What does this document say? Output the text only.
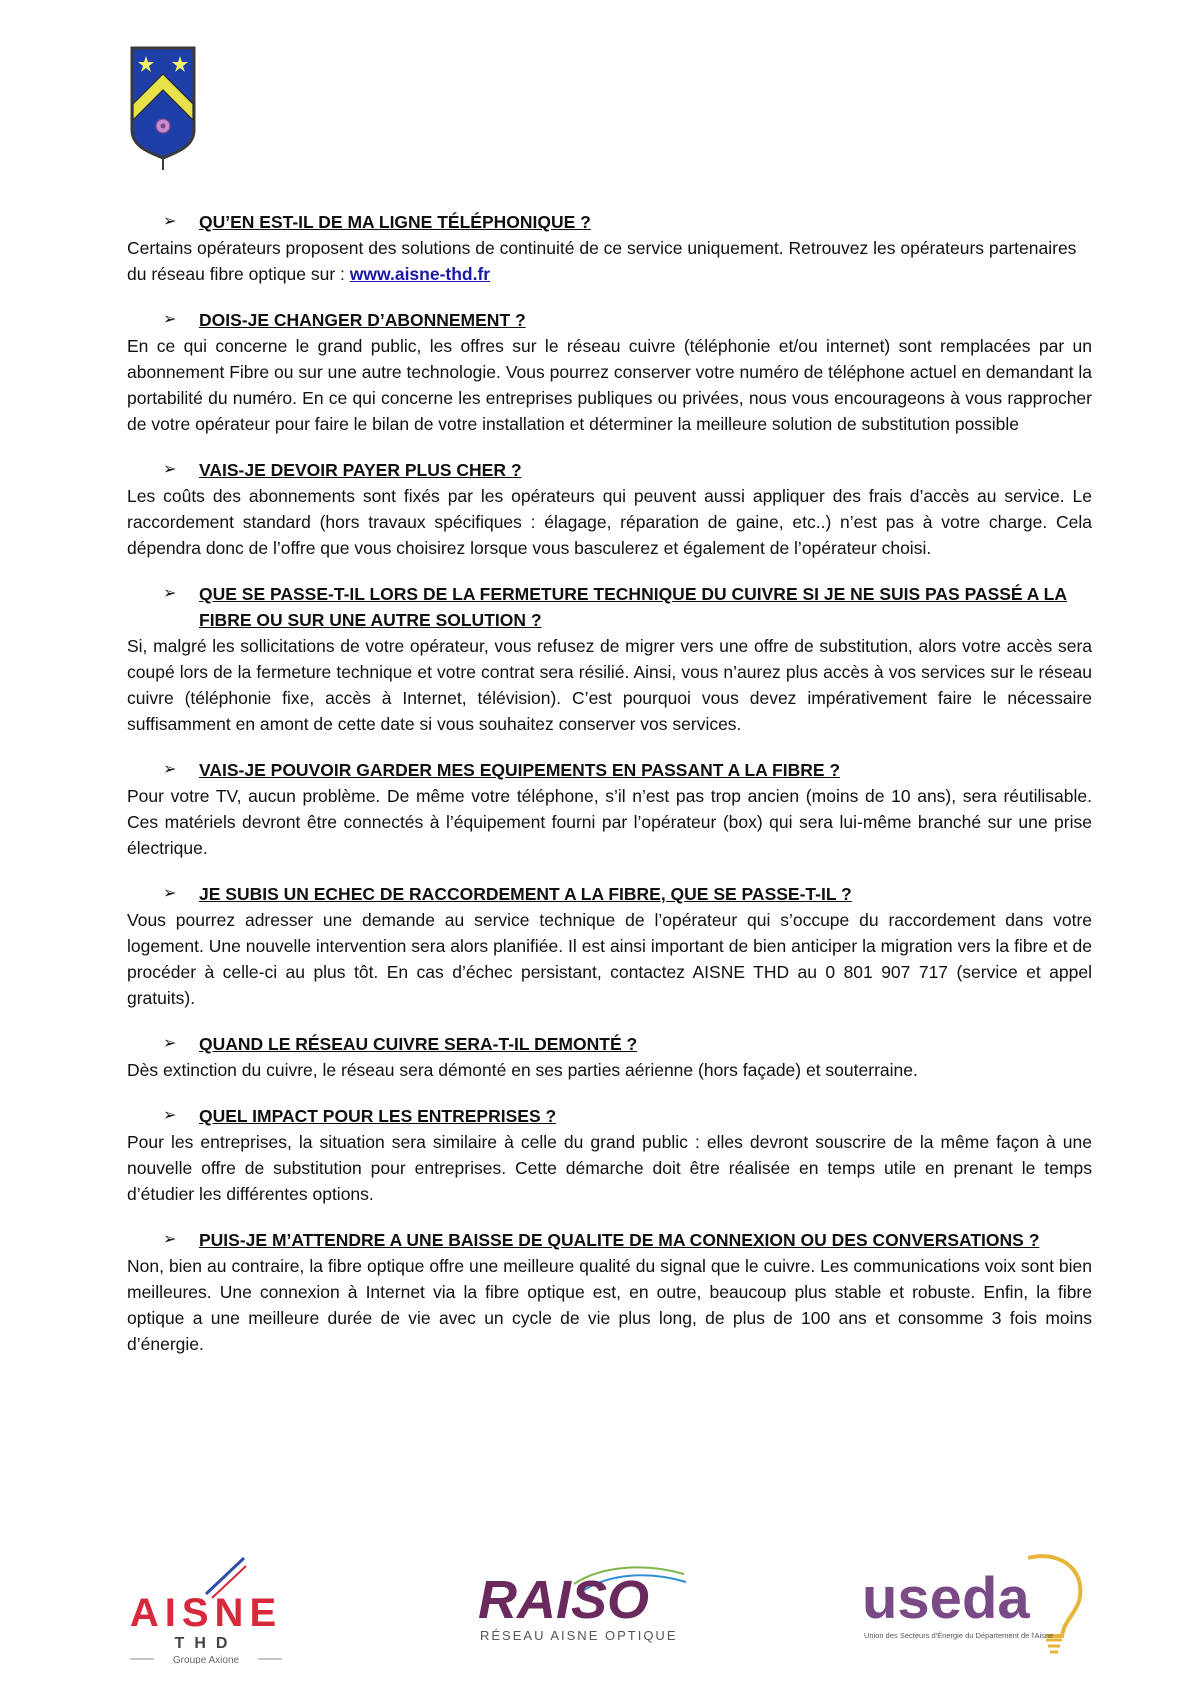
➢	QU’EN EST-IL DE MA LIGNE TÉLÉPHONIQUE ?

Certains opérateurs proposent des solutions de continuité de ce service uniquement. Retrouvez les opérateurs partenaires du réseau fibre optique sur : www.aisne-thd.fr

➢	DOIS-JE CHANGER D’ABONNEMENT ?

En ce qui concerne le grand public, les offres sur le réseau cuivre (téléphonie et/ou internet) sont remplacées par un abonnement Fibre ou sur une autre technologie. Vous pourrez conserver votre numéro de téléphone actuel en demandant la portabilité du numéro. En ce qui concerne les entreprises publiques ou privées, nous vous encourageons à vous rapprocher de votre opérateur pour faire le bilan de votre installation et déterminer la meilleure solution de substitution possible

➢	VAIS-JE DEVOIR PAYER PLUS CHER ?

Les coûts des abonnements sont fixés par les opérateurs qui peuvent aussi appliquer des frais d’accès au service. Le raccordement standard (hors travaux spécifiques : élagage, réparation de gaine, etc..) n’est pas à votre charge. Cela dépendra donc de l’offre que vous choisirez lorsque vous basculerez et également de l’opérateur choisi.

➢	QUE SE PASSE-T-IL LORS DE LA FERMETURE TECHNIQUE DU CUIVRE SI JE NE SUIS PAS PASSÉ A LA FIBRE OU SUR UNE AUTRE SOLUTION ?

Si, malgré les sollicitations de votre opérateur, vous refusez de migrer vers une offre de substitution, alors votre accès sera coupé lors de la fermeture technique et votre contrat sera résilié. Ainsi, vous n’aurez plus accès à vos services sur le réseau cuivre (téléphonie fixe, accès à Internet, télévision). C’est pourquoi vous devez impérativement faire le nécessaire suffisamment en amont de cette date si vous souhaitez conserver vos services.

➢	VAIS-JE POUVOIR GARDER MES EQUIPEMENTS EN PASSANT A LA FIBRE ?

Pour votre TV, aucun problème. De même votre téléphone, s’il n’est pas trop ancien (moins de 10 ans), sera réutilisable. Ces matériels devront être connectés à l’équipement fourni par l’opérateur (box) qui sera lui-même branché sur une prise électrique.

➢	JE SUBIS UN ECHEC DE RACCORDEMENT A LA FIBRE, QUE SE PASSE-T-IL ?

Vous pourrez adresser une demande au service technique de l’opérateur qui s’occupe du raccordement dans votre logement. Une nouvelle intervention sera alors planifiée. Il est ainsi important de bien anticiper la migration vers la fibre et de procéder à celle-ci au plus tôt. En cas d’échec persistant, contactez AISNE THD au 0 801 907 717 (service et appel gratuits).

➢	QUAND LE RÉSEAU CUIVRE SERA-T-IL DEMONTÉ ?

Dès extinction du cuivre, le réseau sera démonté en ses parties aérienne (hors façade) et souterraine.

➢	QUEL IMPACT POUR LES ENTREPRISES ?

Pour les entreprises, la situation sera similaire à celle du grand public : elles devront souscrire de la même façon à une nouvelle offre de substitution pour entreprises. Cette démarche doit être réalisée en temps utile en prenant le temps d’étudier les différentes options.

➢	PUIS-JE M’ATTENDRE A UNE BAISSE DE QUALITE DE MA CONNEXION OU DES CONVERSATIONS ?

Non, bien au contraire, la fibre optique offre une meilleure qualité du signal que le cuivre. Les communications voix sont bien meilleures. Une connexion à Internet via la fibre optique est, en outre, beaucoup plus stable et robuste. Enfin, la fibre optique a une meilleure durée de vie avec un cycle de vie plus long, de plus de 100 ans et consomme 3 fois moins d’énergie.

AISNE
THD
Groupe Axione
RAISO
RÉSEAU AISNE OPTIQUE
useda
Union des Secteurs d'Énergie du Département de l'Aisne
